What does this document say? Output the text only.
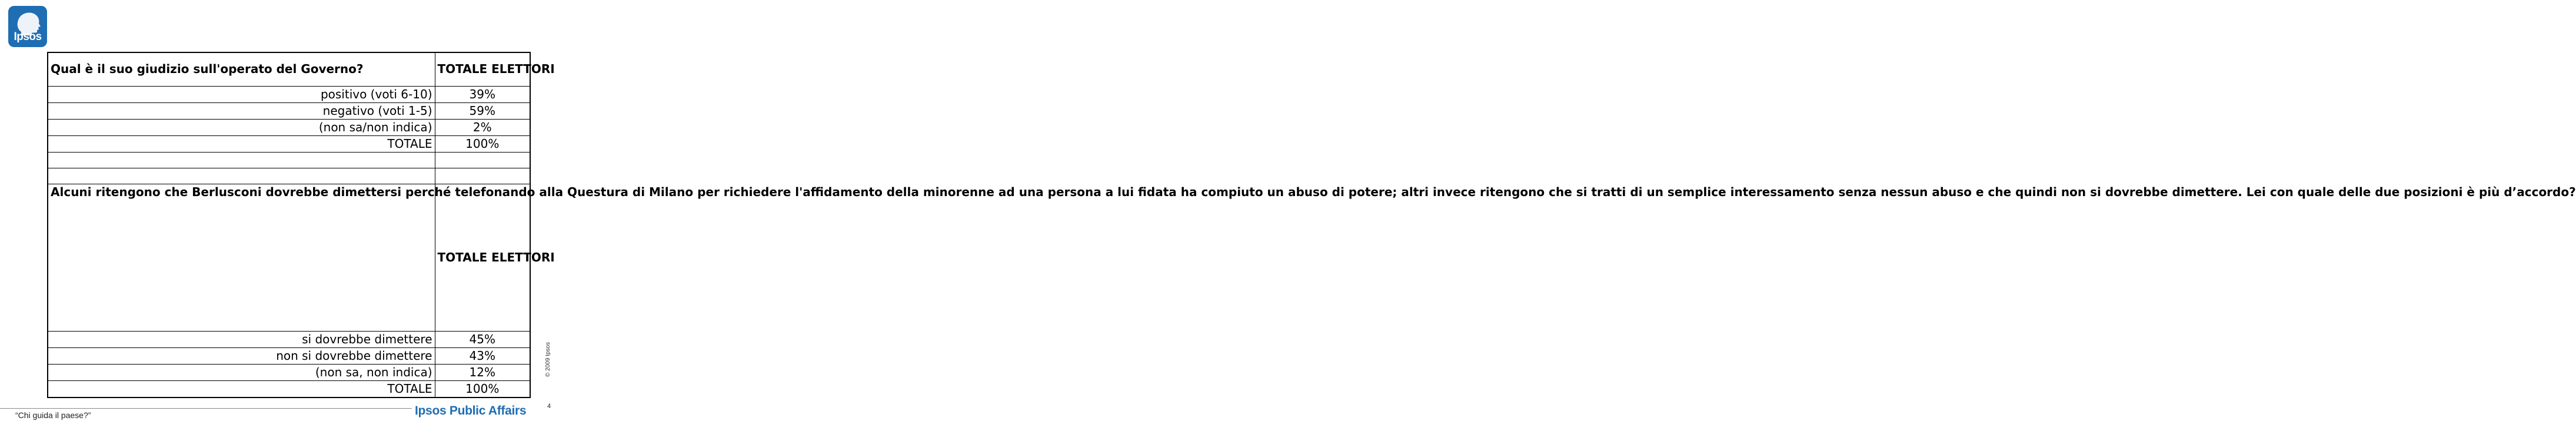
Ipsos
Qual è il suo giudizio sull'operato del Governo?	TOTALE ELETTORI
positivo (voti 6-10)	39%
negativo (voti 1-5)	59%
(non sa/non indica)	2%
TOTALE	100%

Alcuni ritengono che Berlusconi dovrebbe dimettersi perché telefonando alla Questura di Milano per richiedere l'affidamento della minorenne ad una persona a lui fidata ha compiuto un abuso di potere; altri invece ritengono che si tratti di un semplice interessamento senza nessun abuso e che quindi non si dovrebbe dimettere. Lei con quale delle due posizioni è più d’accordo?	TOTALE ELETTORI
si dovrebbe dimettere	45%
non si dovrebbe dimettere	43%
(non sa, non indica)	12%
TOTALE	100%
© 2009 Ipsos
“Chi guida il paese?”
4
Ipsos Public Affairs
